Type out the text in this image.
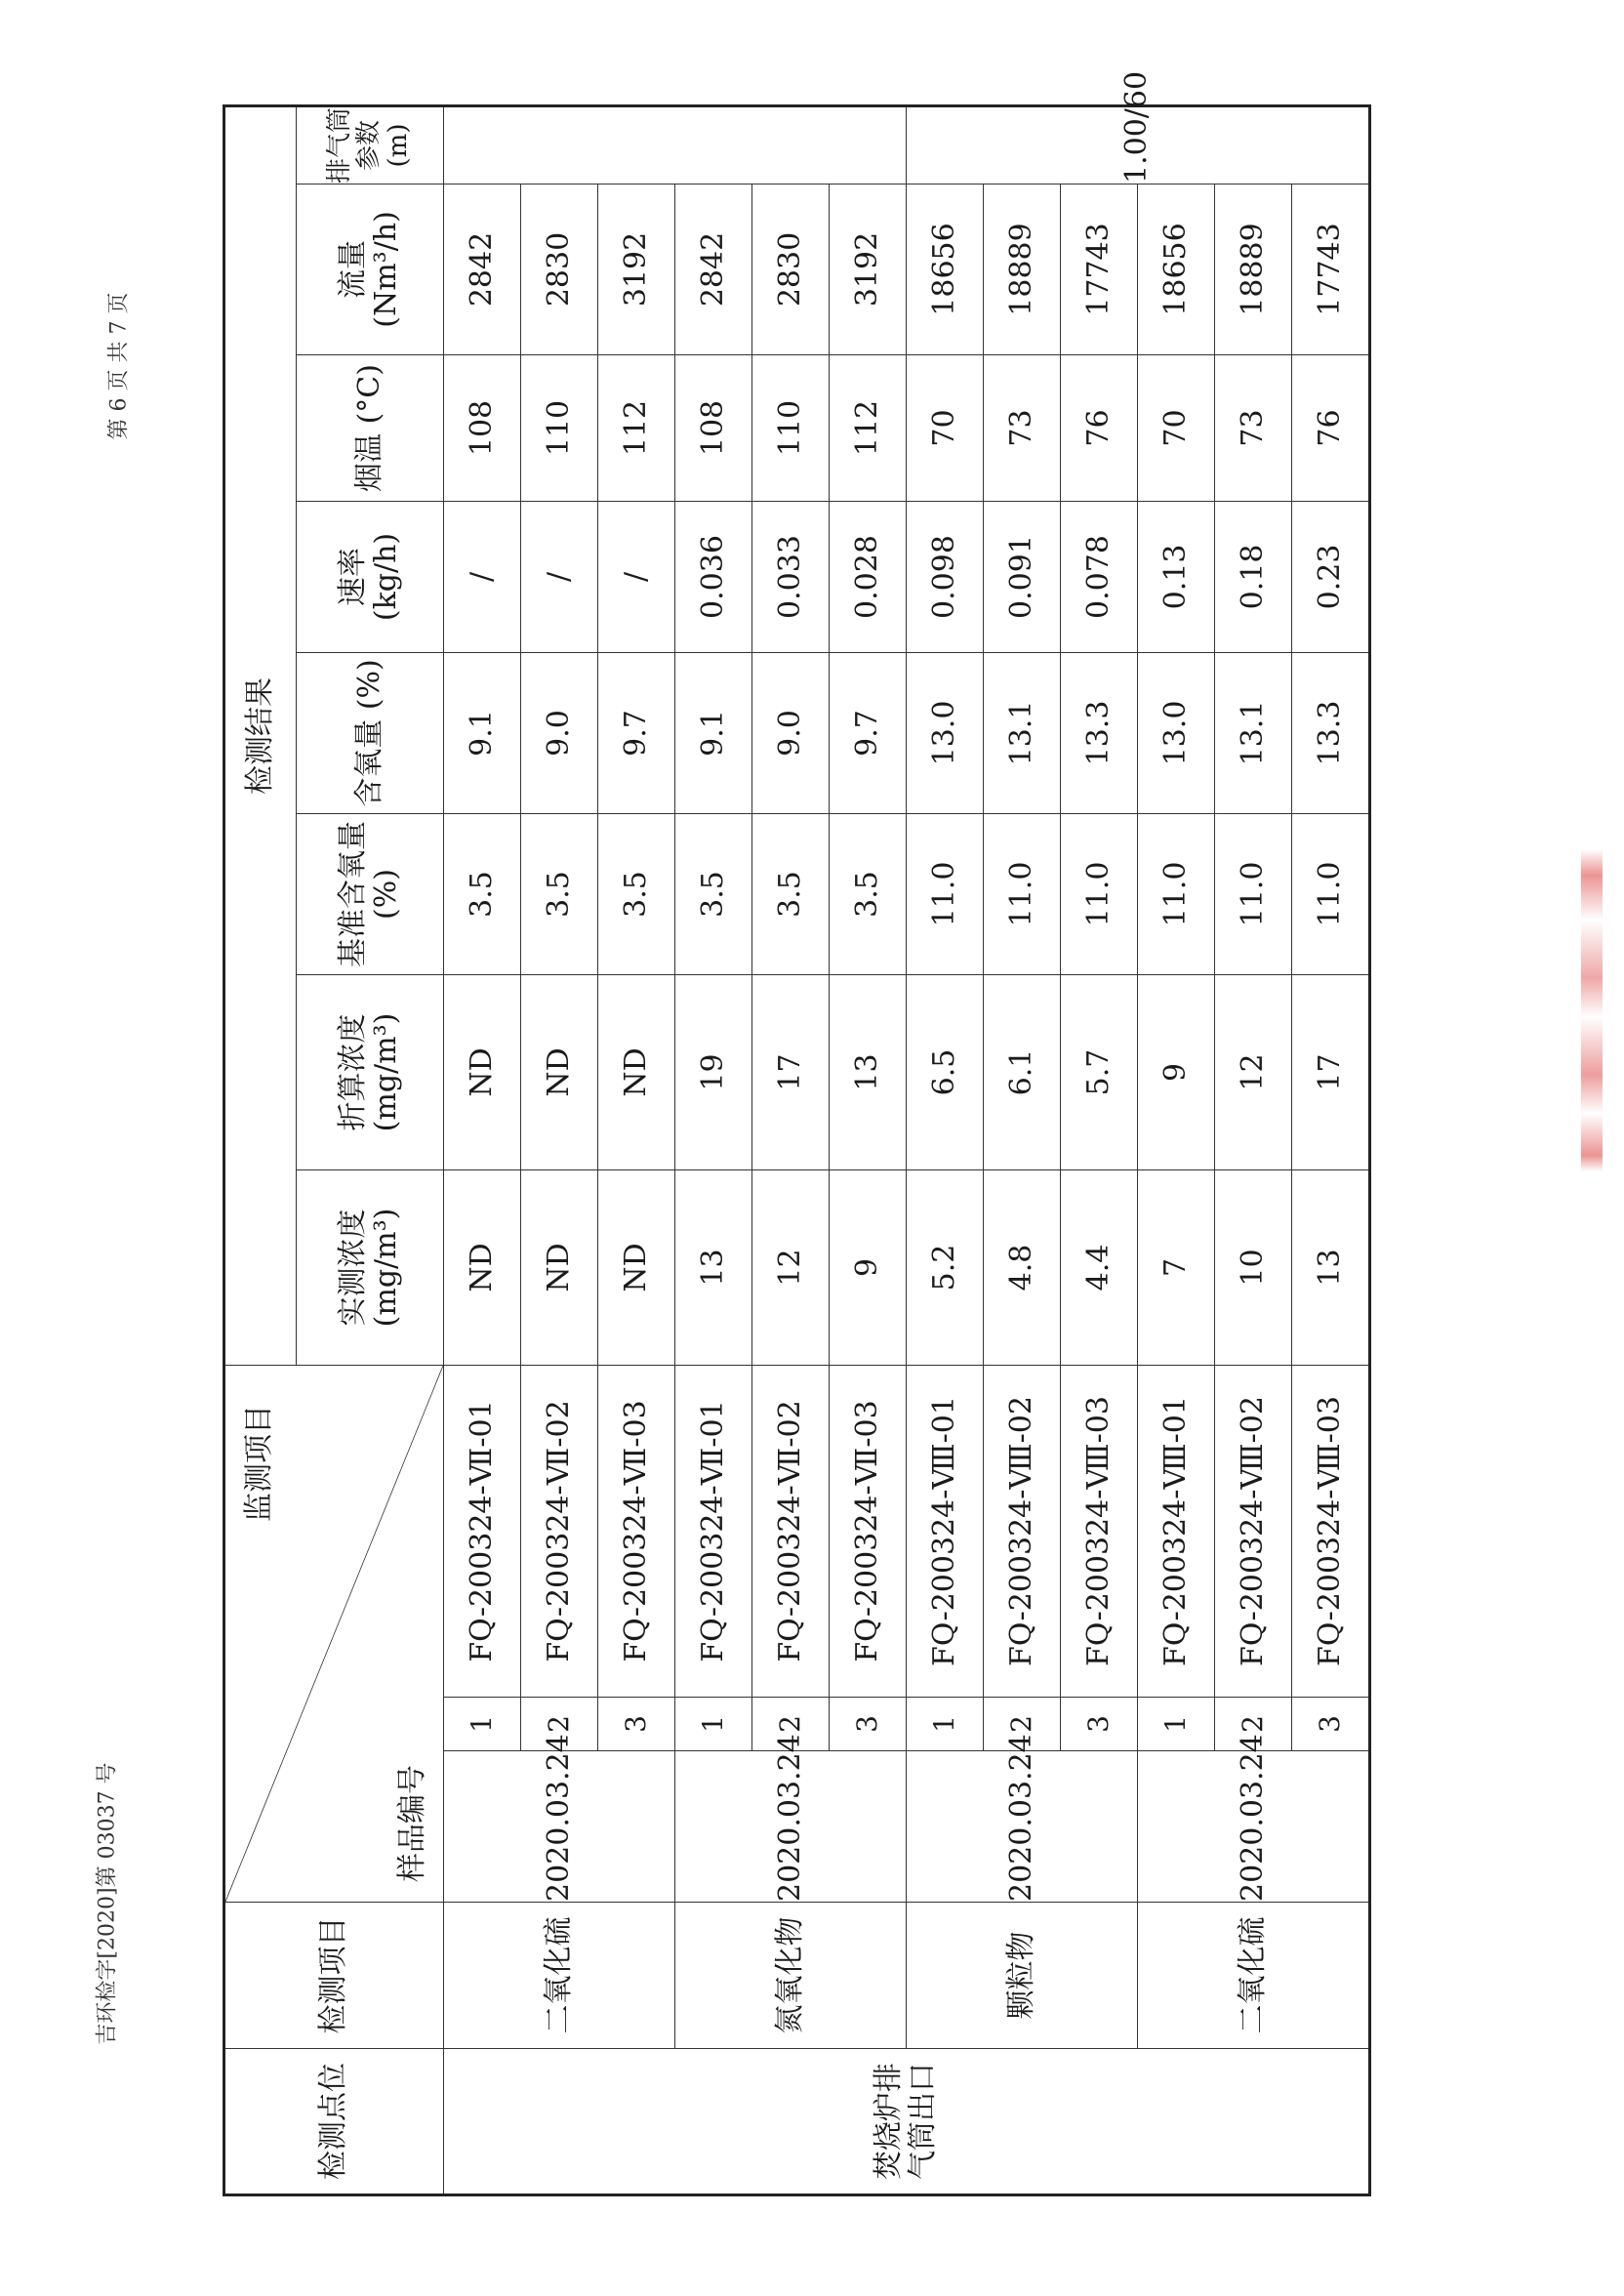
第 6 页 共 7 页
吉环检字[2020]第 03037 号
检测点位	检测项目	监测项目
样品编号			检测结果							
					实测浓度 (mg/m³)	折算浓度 (mg/m³)	基准含氧量(%)	含氧量 (%)	速率 (kg/h)	烟温 (°C)	流量 (Nm³/h)	排气筒参数(m)
焚烧炉排气筒出口	二氧化硫	2020.03.24	1	FQ-200324-Ⅶ-01	ND	ND	3.5	9.1	/	108	2842	
			2	FQ-200324-Ⅶ-02	ND	ND	3.5	9.0	/	110	2830	
			3	FQ-200324-Ⅶ-03	ND	ND	3.5	9.7	/	112	3192	
	氮氧化物	2020.03.24	1	FQ-200324-Ⅶ-01	13	19	3.5	9.1	0.036	108	2842	
			2	FQ-200324-Ⅶ-02	12	17	3.5	9.0	0.033	110	2830	
			3	FQ-200324-Ⅶ-03	9	13	3.5	9.7	0.028	112	3192	
	颗粒物	2020.03.24	1	FQ-200324-Ⅷ-01	5.2	6.5	11.0	13.0	0.098	70	18656	1.00/60
			2	FQ-200324-Ⅷ-02	4.8	6.1	11.0	13.1	0.091	73	18889	
			3	FQ-200324-Ⅷ-03	4.4	5.7	11.0	13.3	0.078	76	17743	
	二氧化硫	2020.03.24	1	FQ-200324-Ⅷ-01	7	9	11.0	13.0	0.13	70	18656	
			2	FQ-200324-Ⅷ-02	10	12	11.0	13.1	0.18	73	18889	
			3	FQ-200324-Ⅷ-03	13	17	11.0	13.3	0.23	76	17743	
